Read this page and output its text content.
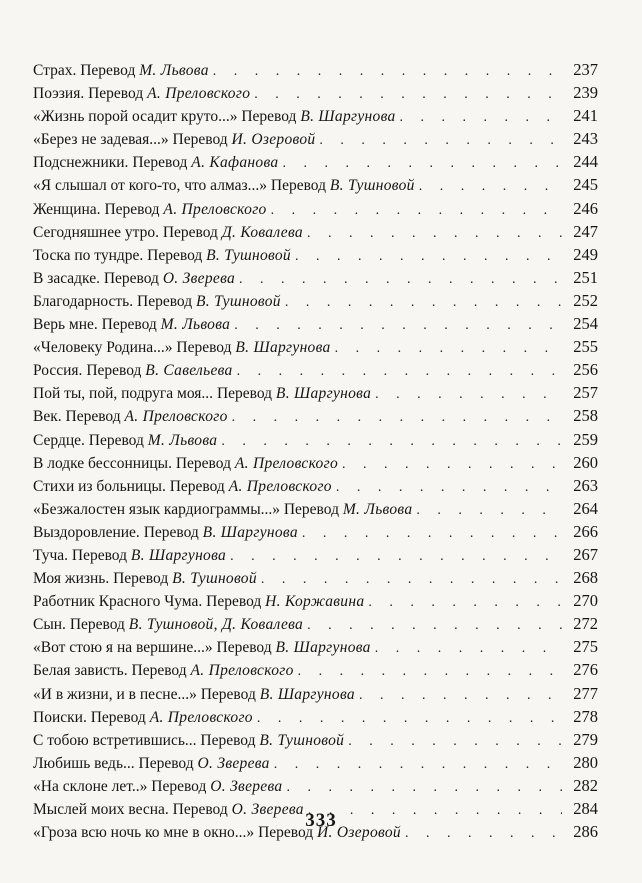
Страх. Перевод М. Львова . . .	237
Поэзия. Перевод А. Преловского . . .	239
«Жизнь порой осадит круто...» Перевод В. Шаргунова . . .	241
«Берез не задевая...» Перевод И. Озеровой . . .	243
Подснежники. Перевод А. Кафанова . . .	244
«Я слышал от кого-то, что алмаз...» Перевод В. Тушновой . . .	245
Женщина. Перевод А. Преловского . . .	246
Сегодняшнее утро. Перевод Д. Ковалева . . .	247
Тоска по тундре. Перевод В. Тушновой . . .	249
В засадке. Перевод О. Зверева . . .	251
Благодарность. Перевод В. Тушновой . . .	252
Верь мне. Перевод М. Львова . . .	254
«Человеку Родина...» Перевод В. Шаргунова . . .	255
Россия. Перевод В. Савельева . . .	256
Пой ты, пой, подруга моя... Перевод В. Шаргунова . . .	257
Век. Перевод А. Преловского . . .	258
Сердце. Перевод М. Львова . . .	259
В лодке бессонницы. Перевод А. Преловского . . .	260
Стихи из больницы. Перевод А. Преловского . . .	263
«Безжалостен язык кардиограммы...» Перевод М. Львова . . .	264
Выздоровление. Перевод В. Шаргунова . . .	266
Туча. Перевод В. Шаргунова . . .	267
Моя жизнь. Перевод В. Тушновой . . .	268
Работник Красного Чума. Перевод Н. Коржавина . . .	270
Сын. Перевод В. Тушновой, Д. Ковалева . . .	272
«Вот стою я на вершине...» Перевод В. Шаргунова . . .	275
Белая зависть. Перевод А. Преловского . . .	276
«И в жизни, и в песне...» Перевод В. Шаргунова . . .	277
Поиски. Перевод А. Преловского . . .	278
С тобою встретившись... Перевод В. Тушновой . . .	279
Любишь ведь... Перевод О. Зверева . . .	280
«На склоне лет..» Перевод О. Зверева . . .	282
Мыслей моих весна. Перевод О. Зверева . . .	284
«Гроза всю ночь ко мне в окно...» Перевод И. Озеровой . . .	286
333
